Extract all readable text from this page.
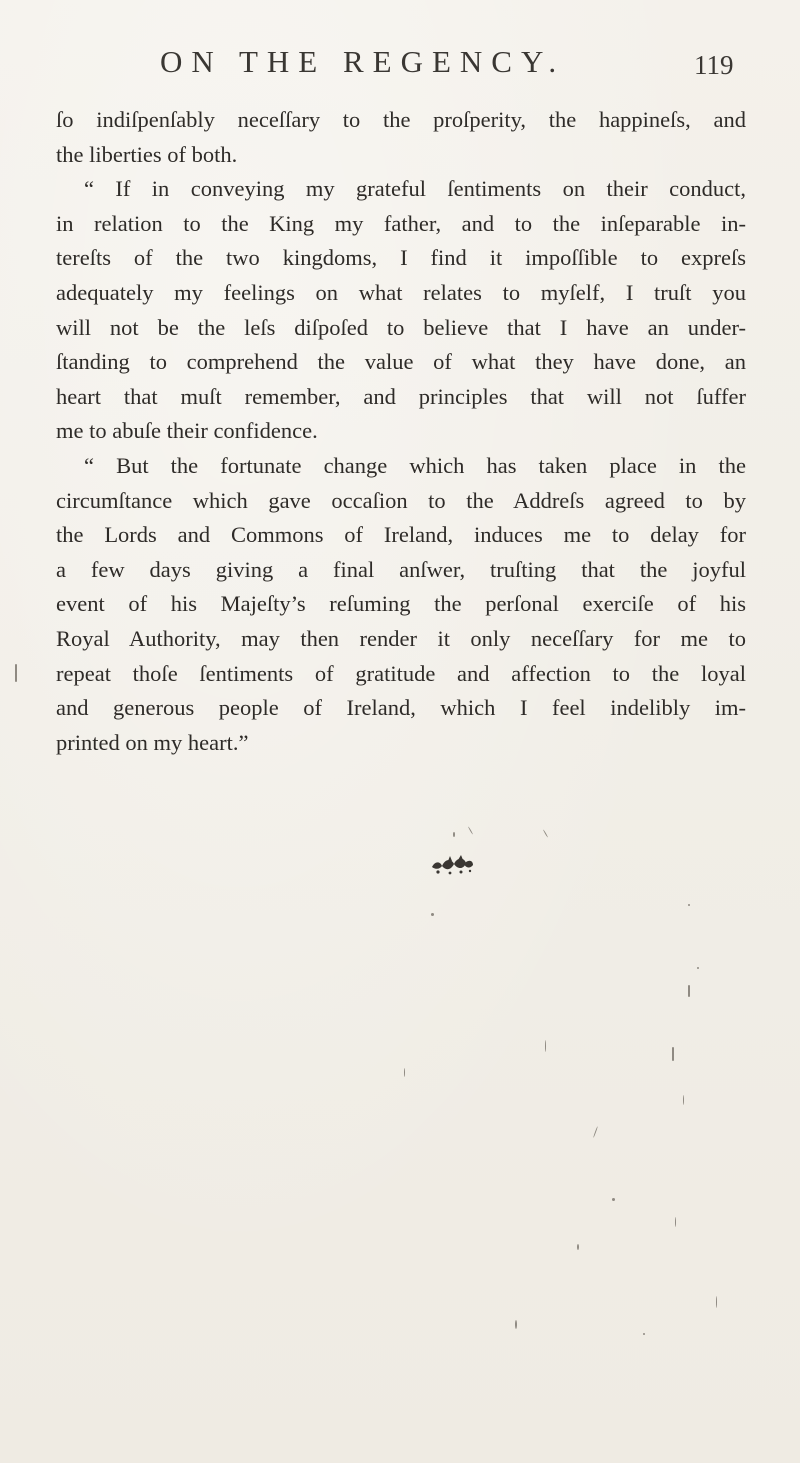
ON THE REGENCY.	119
ſo indiſpenſably neceſſary to the proſperity, the happineſs, and
the liberties of both.
“ If in conveying my grateful ſentiments on their conduct,
in relation to the King my father, and to the inſeparable in-
tereſts of the two kingdoms, I find it impoſſible to expreſs
adequately my feelings on what relates to myſelf, I truſt you
will not be the leſs diſpoſed to believe that I have an under-
ſtanding to comprehend the value of what they have done, an
heart that muſt remember, and principles that will not ſuffer
me to abuſe their confidence.
“ But the fortunate change which has taken place in the
circumſtance which gave occaſion to the Addreſs agreed to by
the Lords and Commons of Ireland, induces me to delay for
a few days giving a final anſwer, truſting that the joyful
event of his Majeſty’s reſuming the perſonal exerciſe of his
Royal Authority, may then render it only neceſſary for me to
repeat thoſe ſentiments of gratitude and affection to the loyal
and generous people of Ireland, which I feel indelibly im-
printed on my heart.”
